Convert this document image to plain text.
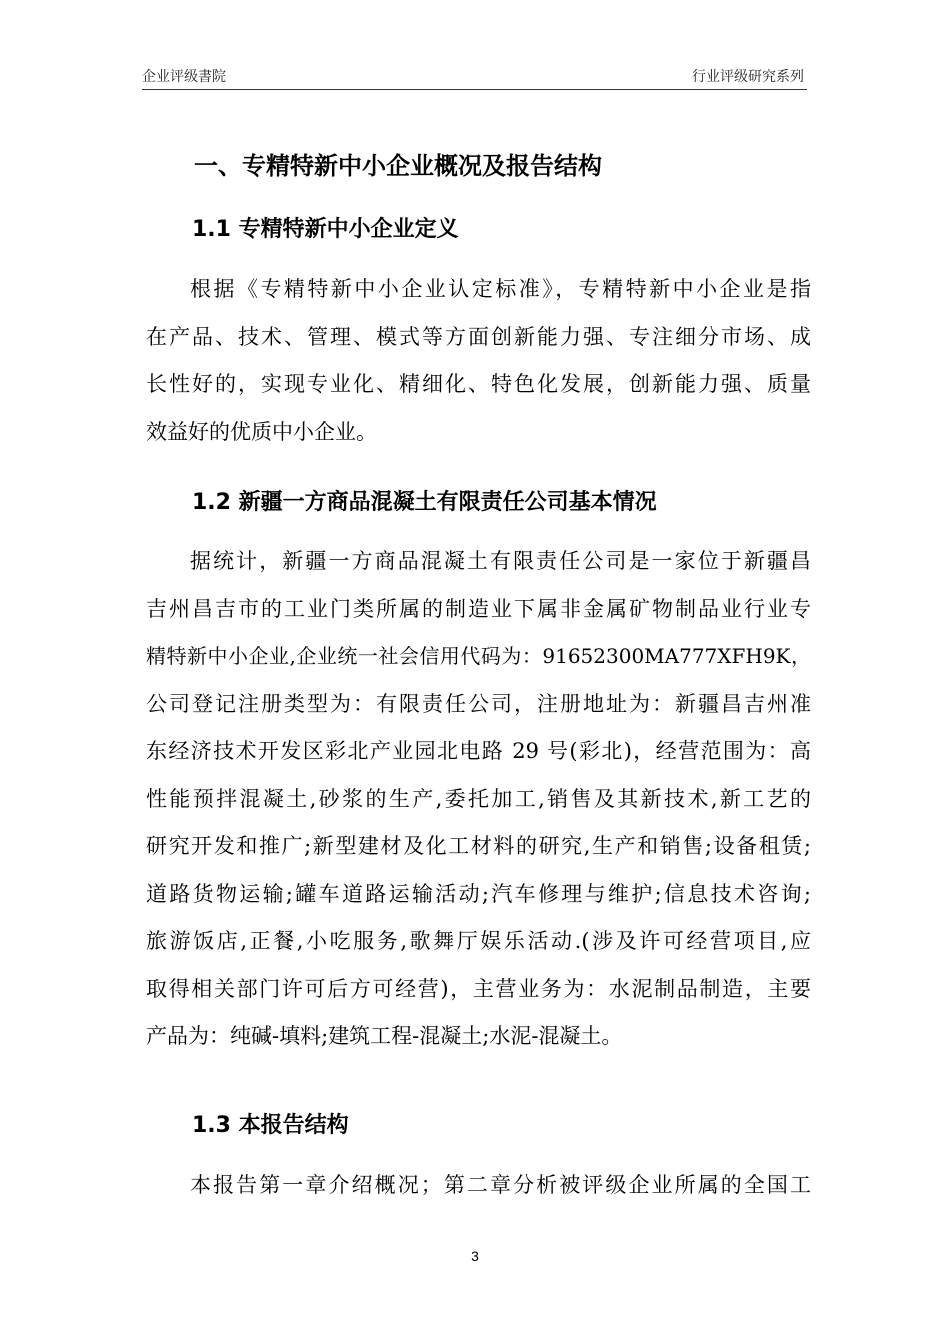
企业评级書院	行业评级研究系列
一、专精特新中小企业概况及报告结构
1.1 专精特新中小企业定义
根据《专精特新中小企业认定标准》，专精特新中小企业是指
在产品、技术、管理、模式等方面创新能力强、专注细分市场、成
长性好的，实现专业化、精细化、特色化发展，创新能力强、质量
效益好的优质中小企业。
1.2 新疆一方商品混凝土有限责任公司基本情况
据统计，新疆一方商品混凝土有限责任公司是一家位于新疆昌
吉州昌吉市的工业门类所属的制造业下属非金属矿物制品业行业专
精特新中小企业,企业统一社会信用代码为：91652300MA777XFH9K，
公司登记注册类型为：有限责任公司，注册地址为：新疆昌吉州准
东经济技术开发区彩北产业园北电路 29 号(彩北)，经营范围为：高
性能预拌混凝土,砂浆的生产,委托加工,销售及其新技术,新工艺的
研究开发和推广;新型建材及化工材料的研究,生产和销售;设备租赁;
道路货物运输;罐车道路运输活动;汽车修理与维护;信息技术咨询;
旅游饭店,正餐,小吃服务,歌舞厅娱乐活动.(涉及许可经营项目,应
取得相关部门许可后方可经营)，主营业务为：水泥制品制造，主要
产品为：纯碱-填料;建筑工程-混凝土;水泥-混凝土。
1.3 本报告结构
本报告第一章介绍概况；第二章分析被评级企业所属的全国工
3
